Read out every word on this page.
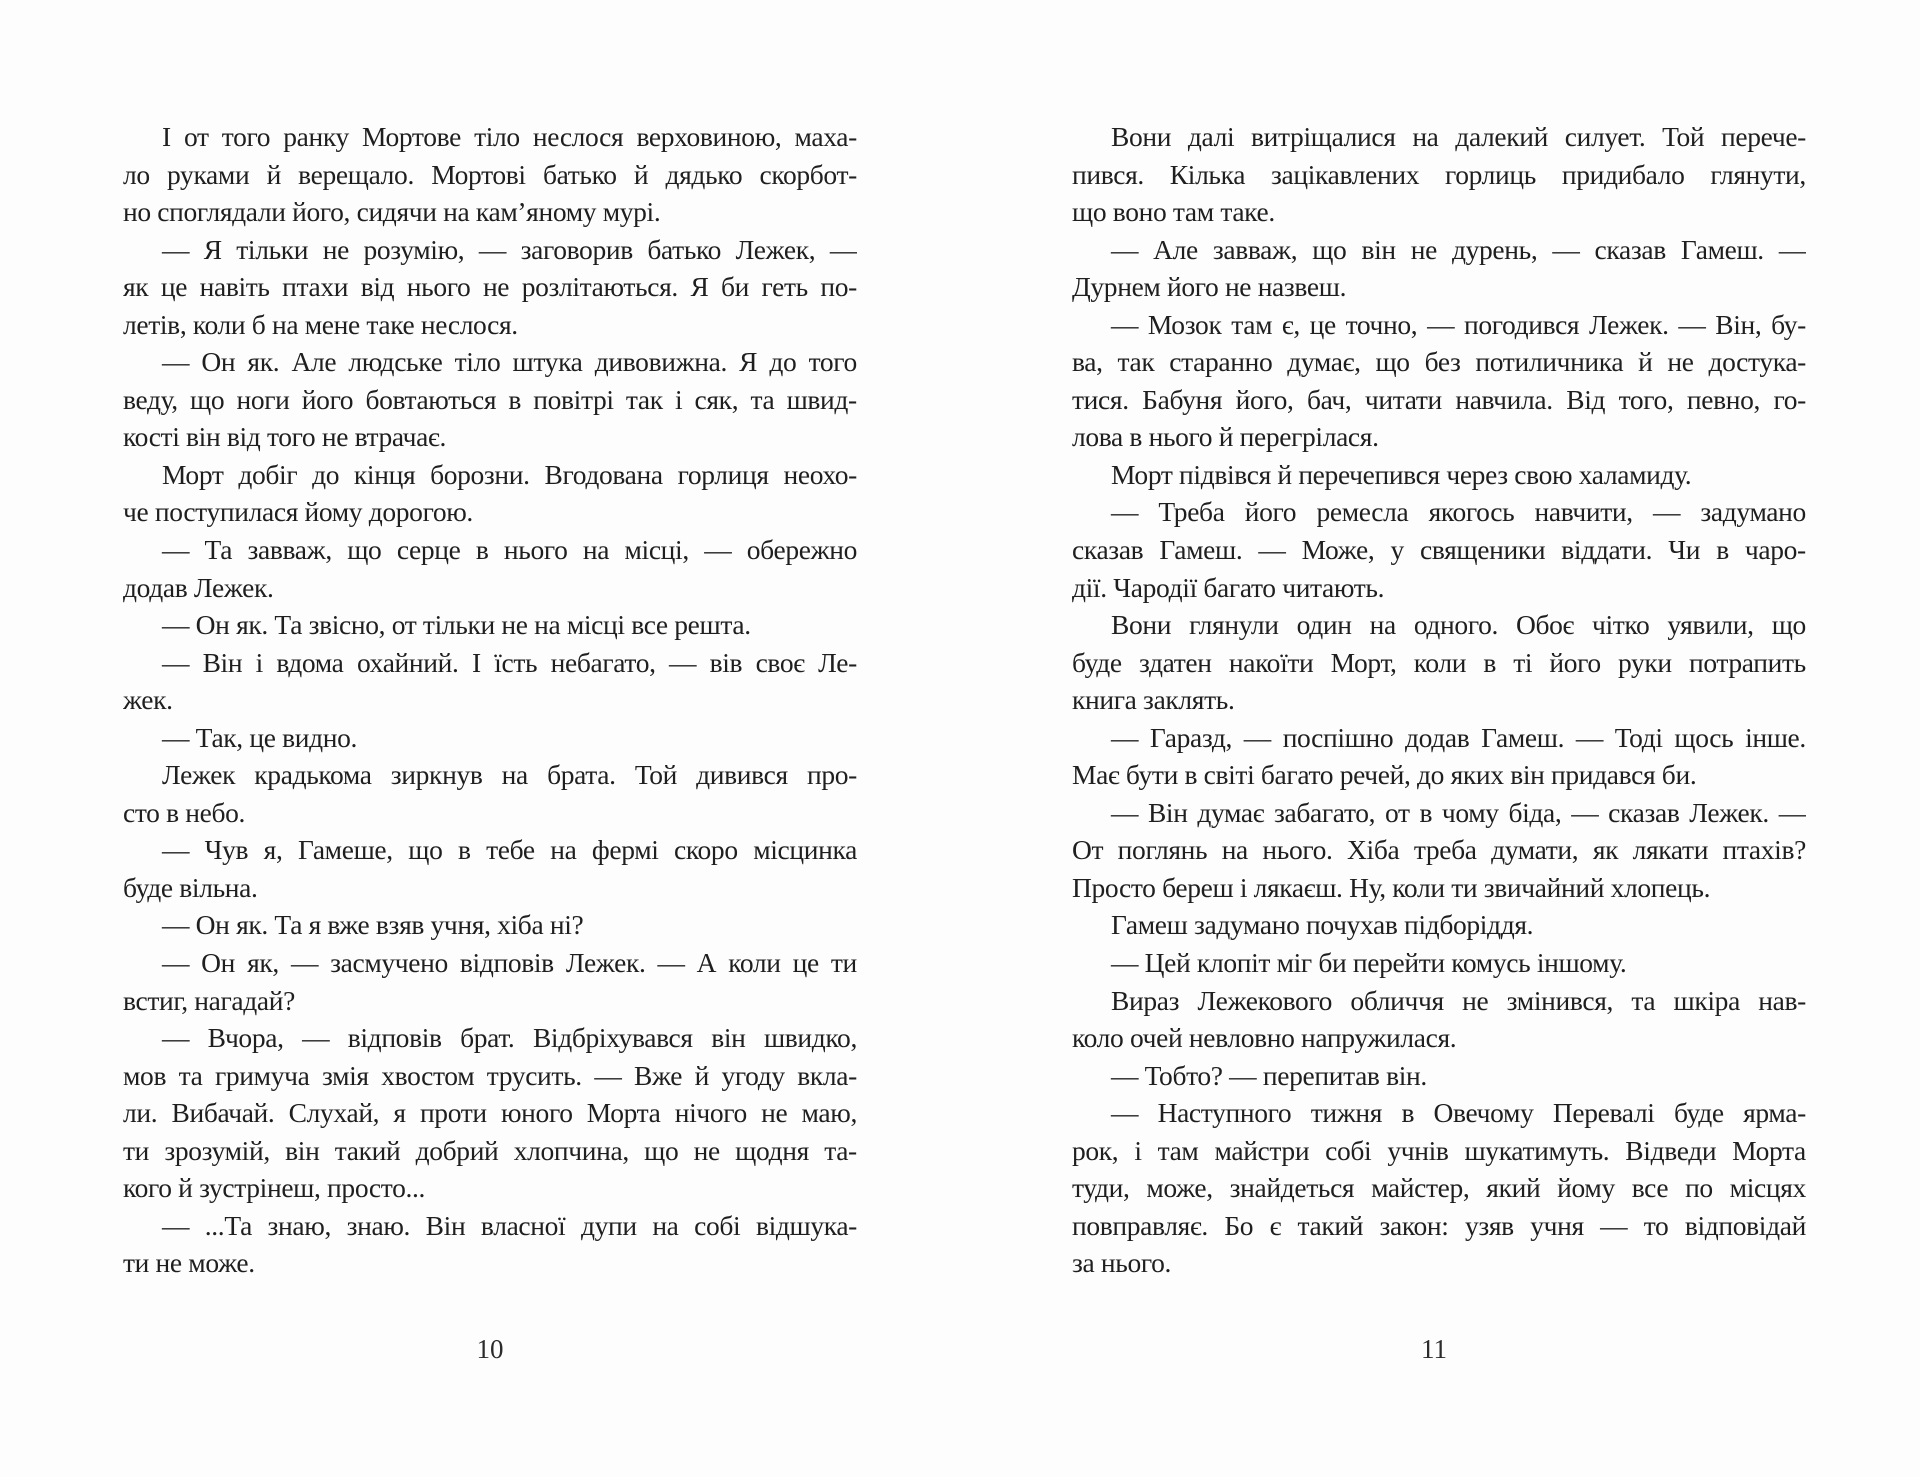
І от того ранку Мортове тіло неслося верховиною, маха-
ло руками й верещало. Мортові батько й дядько скорбот-
но споглядали його, сидячи на кам’яному мурі.
— Я тільки не розумію, — заговорив батько Лежек, —
як це навіть птахи від нього не розлітаються. Я би геть по-
летів, коли б на мене таке неслося.
— Он як. Але людське тіло штука дивовижна. Я до того
веду, що ноги його бовтаються в повітрі так і сяк, та швид-
кості він від того не втрачає.
Морт добіг до кінця борозни. Вгодована горлиця неохо-
че поступилася йому дорогою.
— Та завваж, що серце в нього на місці, — обережно
додав Лежек.
— Он як. Та звісно, от тільки не на місці все решта.
— Він і вдома охайний. І їсть небагато, — вів своє Ле-
жек.
— Так, це видно.
Лежек крадькома зиркнув на брата. Той дивився про-
сто в небо.
— Чув я, Гамеше, що в тебе на фермі скоро місцинка
буде вільна.
— Он як. Та я вже взяв учня, хіба ні?
— Он як, — засмучено відповів Лежек. — А коли це ти
встиг, нагадай?
— Вчора, — відповів брат. Відбріхувався він швидко,
мов та гримуча змія хвостом трусить. — Вже й угоду вкла-
ли. Вибачай. Слухай, я проти юного Морта нічого не маю,
ти зрозумій, він такий добрий хлопчина, що не щодня та-
кого й зустрінеш, просто...
— ...Та знаю, знаю. Він власної дупи на собі відшука-
ти не може.
10
Вони далі витріщалися на далекий силует. Той перече-
пився. Кілька зацікавлених горлиць придибало глянути,
що воно там таке.
— Але завваж, що він не дурень, — сказав Гамеш. —
Дурнем його не назвеш.
— Мозок там є, це точно, — погодився Лежек. — Він, бу-
ва, так старанно думає, що без потиличника й не достука-
тися. Бабуня його, бач, читати навчила. Від того, певно, го-
лова в нього й перегрілася.
Морт підвівся й перечепився через свою халамиду.
— Треба його ремесла якогось навчити, — задумано
сказав Гамеш. — Може, у священики віддати. Чи в чаро-
дії. Чародії багато читають.
Вони глянули один на одного. Обоє чітко уявили, що
буде здатен накоїти Морт, коли в ті його руки потрапить
книга заклять.
— Гаразд, — поспішно додав Гамеш. — Тоді щось інше.
Має бути в світі багато речей, до яких він придався би.
— Він думає забагато, от в чому біда, — сказав Лежек. —
От поглянь на нього. Хіба треба думати, як лякати птахів?
Просто береш і лякаєш. Ну, коли ти звичайний хлопець.
Гамеш задумано почухав підборіддя.
— Цей клопіт міг би перейти комусь іншому.
Вираз Лежекового обличчя не змінився, та шкіра нав-
коло очей невловно напружилася.
— Тобто? — перепитав він.
— Наступного тижня в Овечому Перевалі буде ярма-
рок, і там майстри собі учнів шукатимуть. Відведи Морта
туди, може, знайдеться майстер, який йому все по місцях
повправляє. Бо є такий закон: узяв учня — то відповідай
за нього.
11
